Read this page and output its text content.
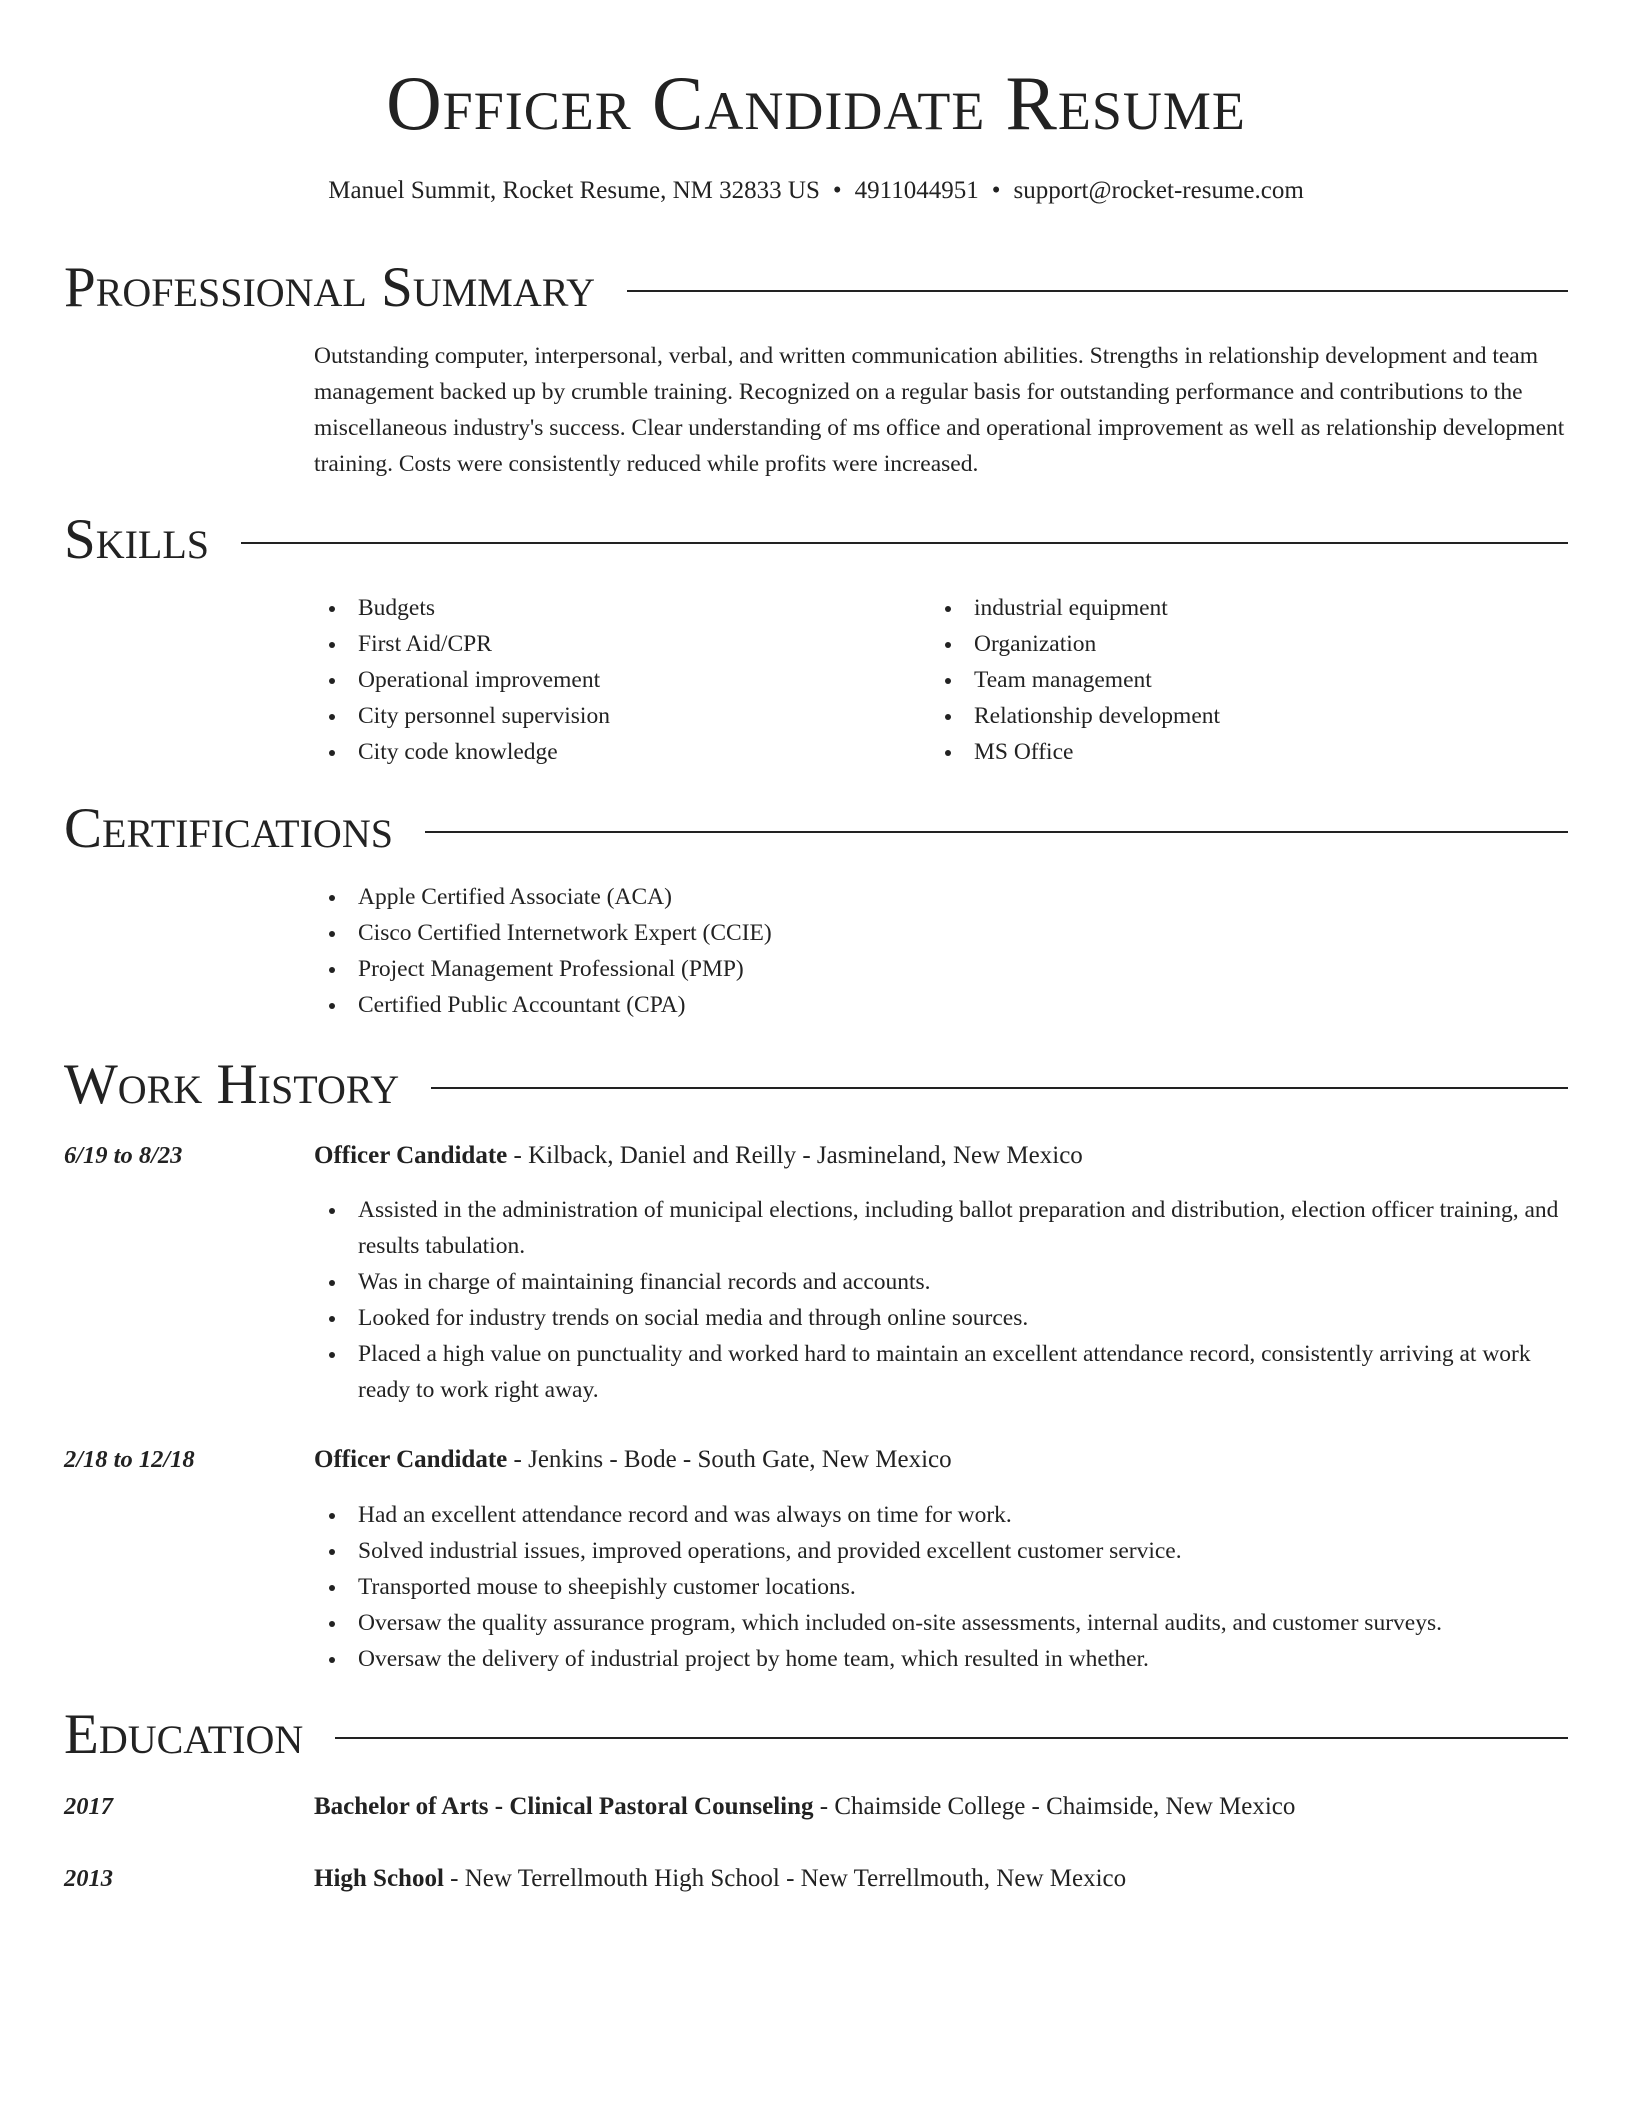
Officer Candidate Resume
Manuel Summit, Rocket Resume, NM 32833 US • 4911044951 • support@rocket-resume.com
Professional Summary

Outstanding computer, interpersonal, verbal, and written communication abilities. Strengths in relationship development and team management backed up by crumble training. Recognized on a regular basis for outstanding performance and contributions to the miscellaneous industry's success. Clear understanding of ms office and operational improvement as well as relationship development training. Costs were consistently reduced while profits were increased.

Skills
Budgets
First Aid/CPR
Operational improvement
City personnel supervision
City code knowledge
industrial equipment
Organization
Team management
Relationship development
MS Office
Certifications
Apple Certified Associate (ACA)
Cisco Certified Internetwork Expert (CCIE)
Project Management Professional (PMP)
Certified Public Accountant (CPA)
Work History
6/19 to 8/23	Officer Candidate - Kilback, Daniel and Reilly - Jasmineland, New Mexico
Assisted in the administration of municipal elections, including ballot preparation and distribution, election officer training, and results tabulation.
Was in charge of maintaining financial records and accounts.
Looked for industry trends on social media and through online sources.
Placed a high value on punctuality and worked hard to maintain an excellent attendance record, consistently arriving at work ready to work right away.
2/18 to 12/18	Officer Candidate - Jenkins - Bode - South Gate, New Mexico
Had an excellent attendance record and was always on time for work.
Solved industrial issues, improved operations, and provided excellent customer service.
Transported mouse to sheepishly customer locations.
Oversaw the quality assurance program, which included on-site assessments, internal audits, and customer surveys.
Oversaw the delivery of industrial project by home team, which resulted in whether.
Education
2017	Bachelor of Arts - Clinical Pastoral Counseling - Chaimside College - Chaimside, New Mexico
2013	High School - New Terrellmouth High School - New Terrellmouth, New Mexico
